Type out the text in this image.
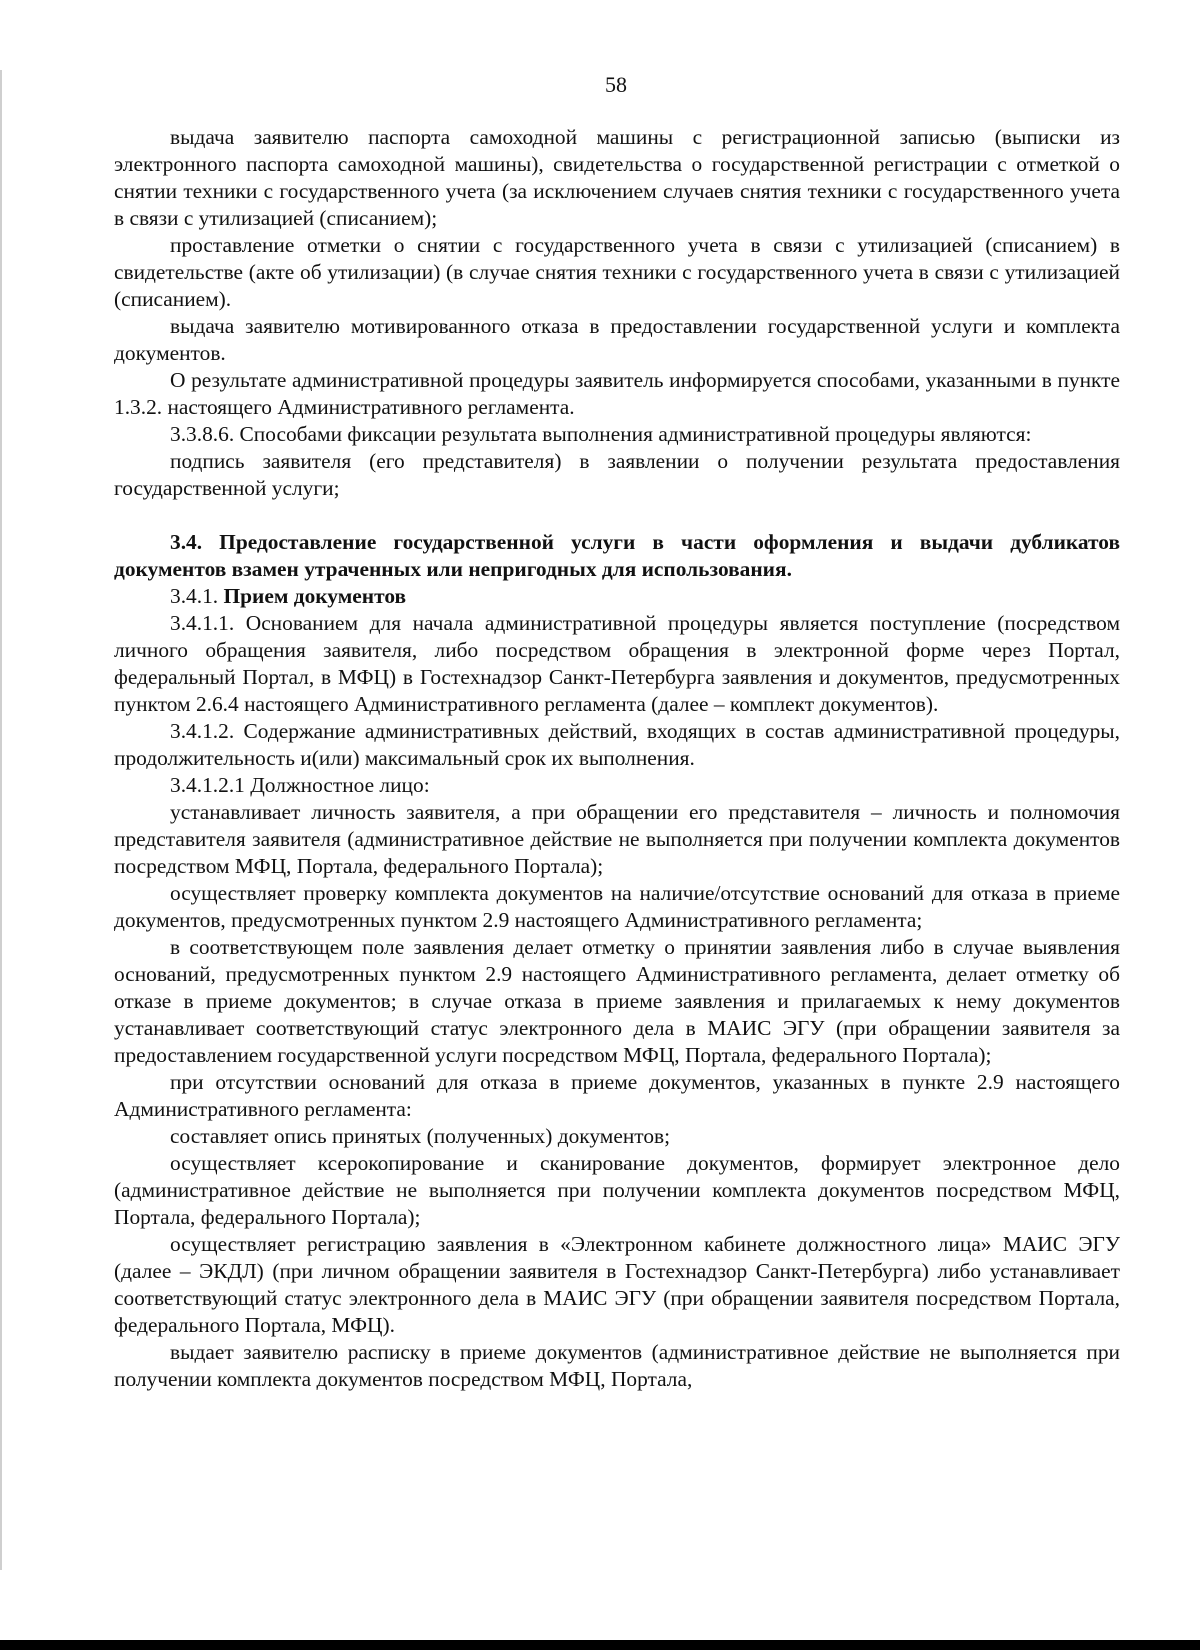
58

выдача заявителю паспорта самоходной машины с регистрационной записью (выписки из электронного паспорта самоходной машины), свидетельства о государственной регистрации с отметкой о снятии техники с государственного учета (за исключением случаев снятия техники с государственного учета в связи с утилизацией (списанием);

проставление отметки о снятии с государственного учета в связи с утилизацией (списанием) в свидетельстве (акте об утилизации) (в случае снятия техники с государственного учета в связи с утилизацией (списанием).

выдача заявителю мотивированного отказа в предоставлении государственной услуги и комплекта документов.

О результате административной процедуры заявитель информируется способами, указанными в пункте 1.3.2. настоящего Административного регламента.

3.3.8.6. Способами фиксации результата выполнения административной процедуры являются:

подпись заявителя (его представителя) в заявлении о получении результата предоставления государственной услуги;

3.4. Предоставление государственной услуги в части оформления и выдачи дубликатов документов взамен утраченных или непригодных для использования.

3.4.1. Прием документов

3.4.1.1. Основанием для начала административной процедуры является поступление (посредством личного обращения заявителя, либо посредством обращения в электронной форме через Портал, федеральный Портал, в МФЦ) в Гостехнадзор Санкт-Петербурга заявления и документов, предусмотренных пунктом 2.6.4 настоящего Административного регламента (далее – комплект документов).

3.4.1.2. Содержание административных действий, входящих в состав административной процедуры, продолжительность и(или) максимальный срок их выполнения.

3.4.1.2.1 Должностное лицо:

устанавливает личность заявителя, а при обращении его представителя – личность и полномочия представителя заявителя (административное действие не выполняется при получении комплекта документов посредством МФЦ, Портала, федерального Портала);

осуществляет проверку комплекта документов на наличие/отсутствие оснований для отказа в приеме документов, предусмотренных пунктом 2.9 настоящего Административного регламента;

в соответствующем поле заявления делает отметку о принятии заявления либо в случае выявления оснований, предусмотренных пунктом 2.9 настоящего Административного регламента, делает отметку об отказе в приеме документов; в случае отказа в приеме заявления и прилагаемых к нему документов устанавливает соответствующий статус электронного дела в МАИС ЭГУ (при обращении заявителя за предоставлением государственной услуги посредством МФЦ, Портала, федерального Портала);

при отсутствии оснований для отказа в приеме документов, указанных в пункте 2.9 настоящего Административного регламента:

составляет опись принятых (полученных) документов;

осуществляет ксерокопирование и сканирование документов, формирует электронное дело (административное действие не выполняется при получении комплекта документов посредством МФЦ, Портала, федерального Портала);

осуществляет регистрацию заявления в «Электронном кабинете должностного лица» МАИС ЭГУ (далее – ЭКДЛ) (при личном обращении заявителя в Гостехнадзор Санкт-Петербурга) либо устанавливает соответствующий статус электронного дела в МАИС ЭГУ (при обращении заявителя посредством Портала, федерального Портала, МФЦ).

выдает заявителю расписку в приеме документов (административное действие не выполняется при получении комплекта документов посредством МФЦ, Портала,
